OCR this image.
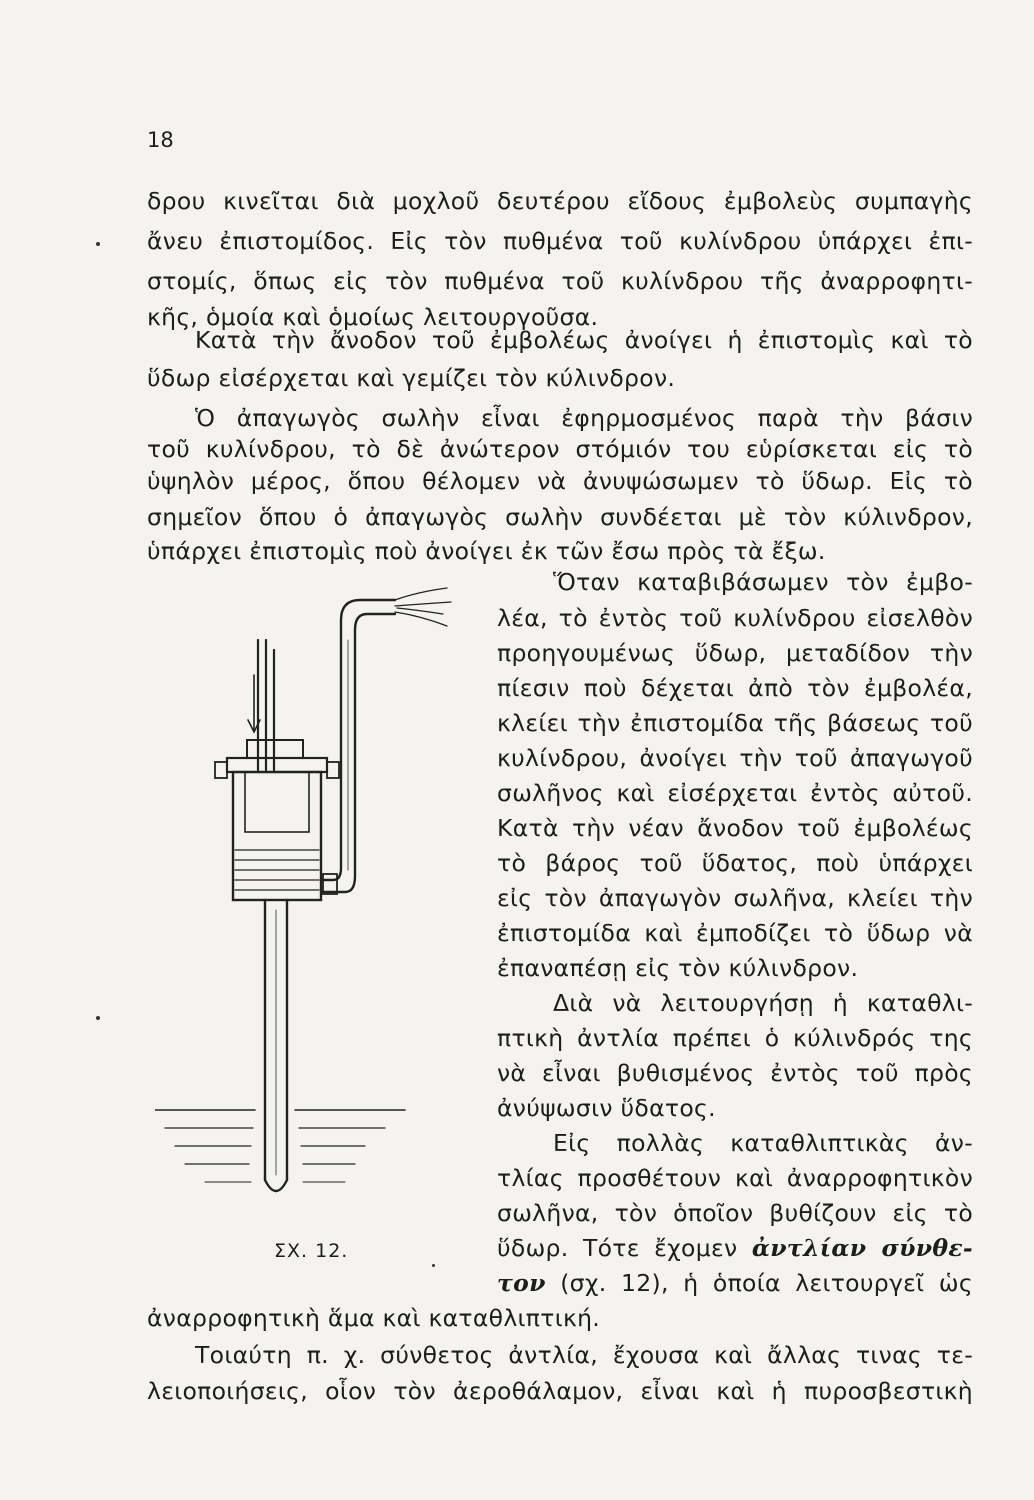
18
δρου κινεῖται διὰ μοχλοῦ δευτέρου εἴδους ἐμβολεὺς συμπαγὴς
ἄνευ ἐπιστομίδος. Εἰς τὸν πυθμένα τοῦ κυλίνδρου ὑπάρχει ἐπι-
στομίς, ὅπως εἰς τὸν πυθμένα τοῦ κυλίνδρου τῆς ἀναρροφητι-
κῆς, ὁμοία καὶ ὁμοίως λειτουργοῦσα.
Κατὰ τὴν ἄνοδον τοῦ ἐμβολέως ἀνοίγει ἡ ἐπιστομὶς καὶ τὸ
ὕδωρ εἰσέρχεται καὶ γεμίζει τὸν κύλινδρον.
Ὁ ἀπαγωγὸς σωλὴν εἶναι ἐφηρμοσμένος παρὰ τὴν βάσιν
τοῦ κυλίνδρου, τὸ δὲ ἀνώτερον στόμιόν του εὑρίσκεται εἰς τὸ
ὑψηλὸν μέρος, ὅπου θέλομεν νὰ ἀνυψώσωμεν τὸ ὕδωρ. Εἰς τὸ
σημεῖον ὅπου ὁ ἀπαγωγὸς σωλὴν συνδέεται μὲ τὸν κύλινδρον,
ὑπάρχει ἐπιστομὶς ποὺ ἀνοίγει ἐκ τῶν ἔσω πρὸς τὰ ἔξω.
Ὅταν καταβιβάσωμεν τὸν ἐμβο-
λέα, τὸ ἐντὸς τοῦ κυλίνδρου εἰσελθὸν
προηγουμένως ὕδωρ, μεταδίδον τὴν
πίεσιν ποὺ δέχεται ἀπὸ τὸν ἐμβολέα,
κλείει τὴν ἐπιστομίδα τῆς βάσεως τοῦ
κυλίνδρου, ἀνοίγει τὴν τοῦ ἀπαγωγοῦ
σωλῆνος καὶ εἰσέρχεται ἐντὸς αὐτοῦ.
Κατὰ τὴν νέαν ἄνοδον τοῦ ἐμβολέως
τὸ βάρος τοῦ ὕδατος, ποὺ ὑπάρχει
εἰς τὸν ἀπαγωγὸν σωλῆνα, κλείει τὴν
ἐπιστομίδα καὶ ἐμποδίζει τὸ ὕδωρ νὰ
ἐπαναπέσῃ εἰς τὸν κύλινδρον.
Διὰ νὰ λειτουργήσῃ ἡ καταθλι-
πτικὴ ἀντλία πρέπει ὁ κύλινδρός της
νὰ εἶναι βυθισμένος ἐντὸς τοῦ πρὸς
ἀνύψωσιν ὕδατος.
Εἰς πολλὰς καταθλιπτικὰς ἀν-
τλίας προσθέτουν καὶ ἀναρροφητικὸν
σωλῆνα, τὸν ὁποῖον βυθίζουν εἰς τὸ
ὕδωρ. Τότε ἔχομεν ἀντλίαν σύνθε-
τον (σχ. 12), ἡ ὁποία λειτουργεῖ ὡς
ἀναρροφητικὴ ἅμα καὶ καταθλιπτική.
Τοιαύτη π. χ. σύνθετος ἀντλία, ἔχουσα καὶ ἄλλας τινας τε-
λειοποιήσεις, οἷον τὸν ἀεροθάλαμον, εἶναι καὶ ἡ πυροσβεστικὴ
ΣΧ. 12.
